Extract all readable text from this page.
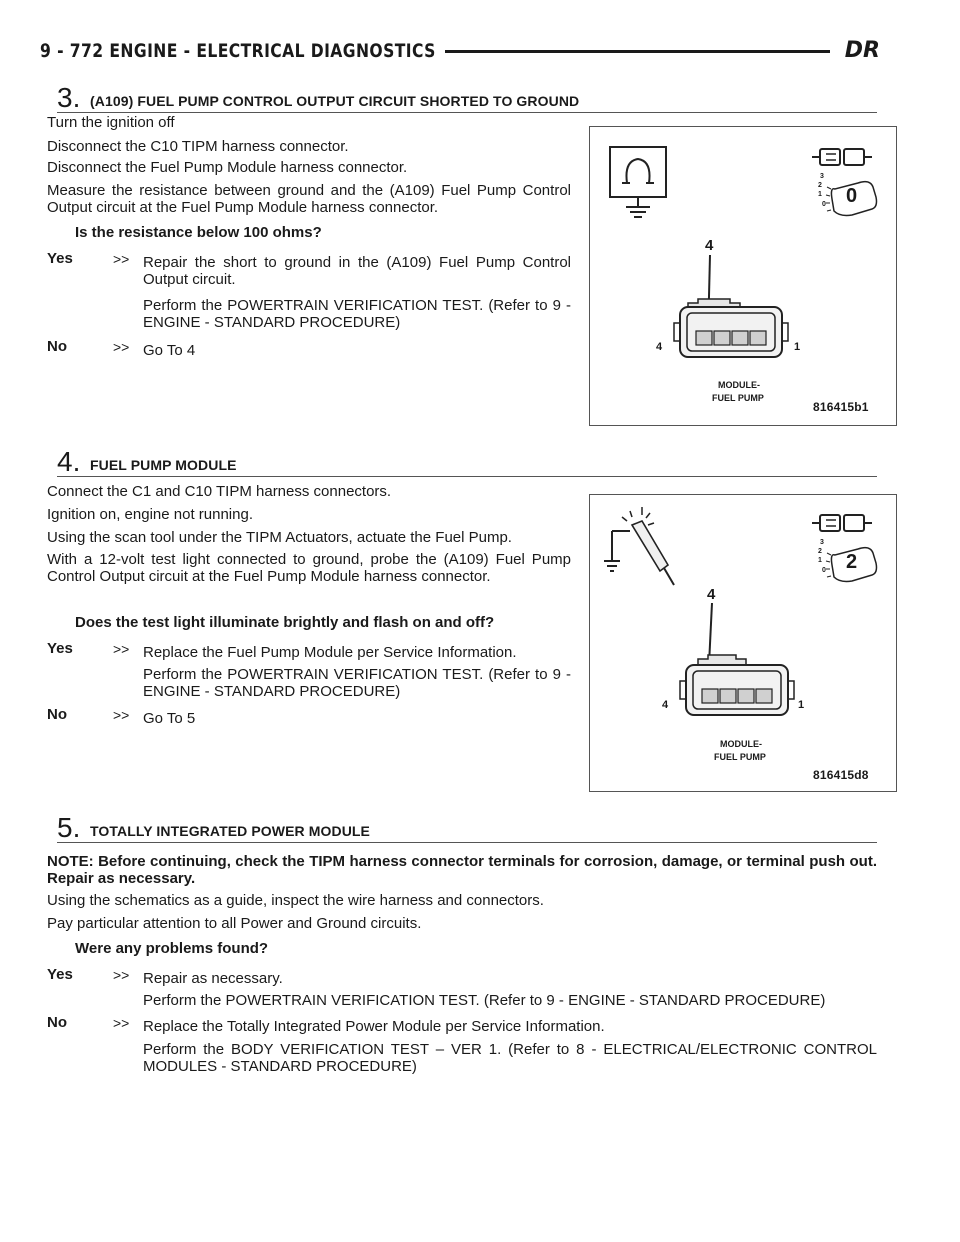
9 - 772 ENGINE - ELECTRICAL DIAGNOSTICS	DR
3. (A109) FUEL PUMP CONTROL OUTPUT CIRCUIT SHORTED TO GROUND
Turn the ignition off
Disconnect the C10 TIPM harness connector.
Disconnect the Fuel Pump Module harness connector.
Measure the resistance between ground and the (A109) Fuel Pump Control Output circuit at the Fuel Pump Module harness connector.
Is the resistance below 100 ohms?
Yes	>> Repair the short to ground in the (A109) Fuel Pump Control Output circuit.
Perform the POWERTRAIN VERIFICATION TEST. (Refer to 9 - ENGINE - STANDARD PROCEDURE)
No	>> Go To 4
4
4	1
MODULE-
FUEL PUMP
3
2
1
0 0
816415b1
4. FUEL PUMP MODULE
Connect the C1 and C10 TIPM harness connectors.
Ignition on, engine not running.
Using the scan tool under the TIPM Actuators, actuate the Fuel Pump.
With a 12-volt test light connected to ground, probe the (A109) Fuel Pump Control Output circuit at the Fuel Pump Module harness connector.
Does the test light illuminate brightly and flash on and off?
Yes	>> Replace the Fuel Pump Module per Service Information.
Perform the POWERTRAIN VERIFICATION TEST. (Refer to 9 - ENGINE - STANDARD PROCEDURE)
No	>> Go To 5
4
4	1
MODULE-
FUEL PUMP
3
2
1
0 2
816415d8
5. TOTALLY INTEGRATED POWER MODULE
NOTE: Before continuing, check the TIPM harness connector terminals for corrosion, damage, or terminal push out. Repair as necessary.
Using the schematics as a guide, inspect the wire harness and connectors.
Pay particular attention to all Power and Ground circuits.
Were any problems found?
Yes	>> Repair as necessary.
Perform the POWERTRAIN VERIFICATION TEST. (Refer to 9 - ENGINE - STANDARD PROCEDURE)
No	>> Replace the Totally Integrated Power Module per Service Information.
Perform the BODY VERIFICATION TEST – VER 1. (Refer to 8 - ELECTRICAL/ELECTRONIC CONTROL MODULES - STANDARD PROCEDURE)
